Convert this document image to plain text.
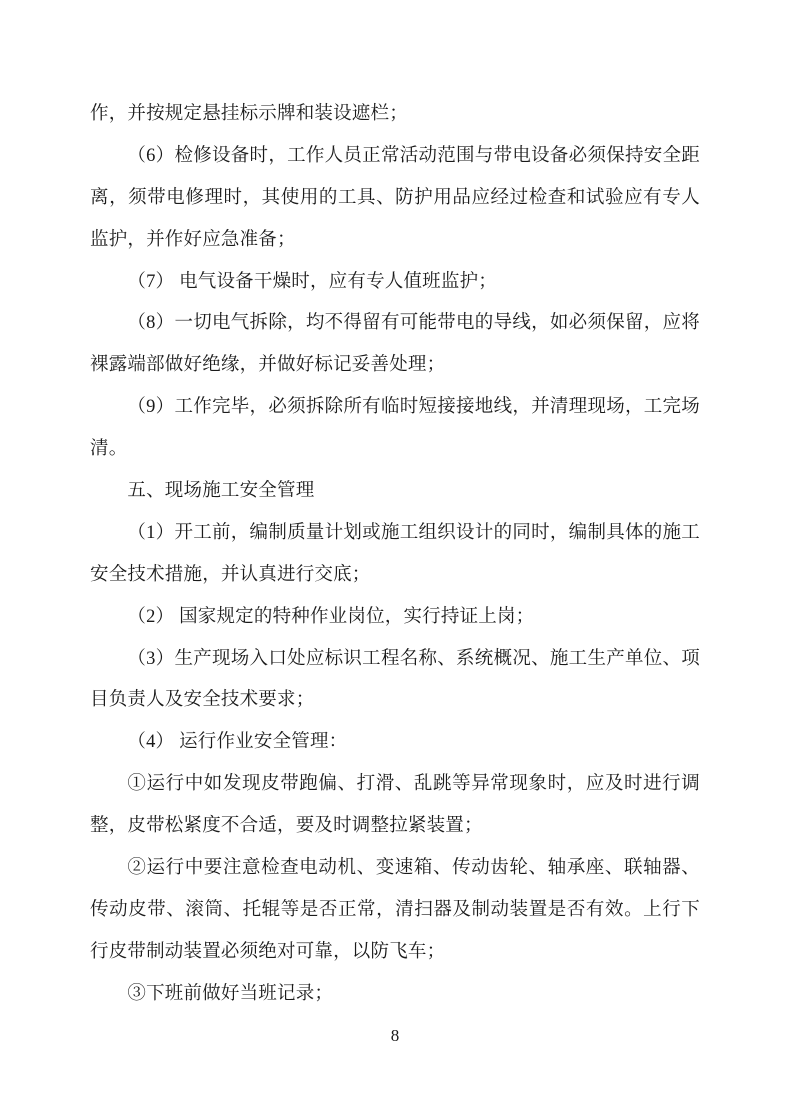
作，并按规定悬挂标示牌和装设遮栏；
（6）检修设备时，工作人员正常活动范围与带电设备必须保持安全距
离，须带电修理时，其使用的工具、防护用品应经过检查和试验应有专人
监护，并作好应急准备；
（7） 电气设备干燥时，应有专人值班监护；
（8）一切电气拆除，均不得留有可能带电的导线，如必须保留，应将
裸露端部做好绝缘，并做好标记妥善处理；
（9）工作完毕，必须拆除所有临时短接接地线，并清理现场，工完场
清。
五、现场施工安全管理
（1）开工前，编制质量计划或施工组织设计的同时，编制具体的施工
安全技术措施，并认真进行交底；
（2） 国家规定的特种作业岗位，实行持证上岗；
（3）生产现场入口处应标识工程名称、系统概况、施工生产单位、项
目负责人及安全技术要求；
（4） 运行作业安全管理：
①运行中如发现皮带跑偏、打滑、乱跳等异常现象时，应及时进行调
整，皮带松紧度不合适，要及时调整拉紧装置；
②运行中要注意检查电动机、变速箱、传动齿轮、轴承座、联轴器、
传动皮带、滚筒、托辊等是否正常，清扫器及制动装置是否有效。上行下
行皮带制动装置必须绝对可靠，以防飞车；
③下班前做好当班记录；
8
